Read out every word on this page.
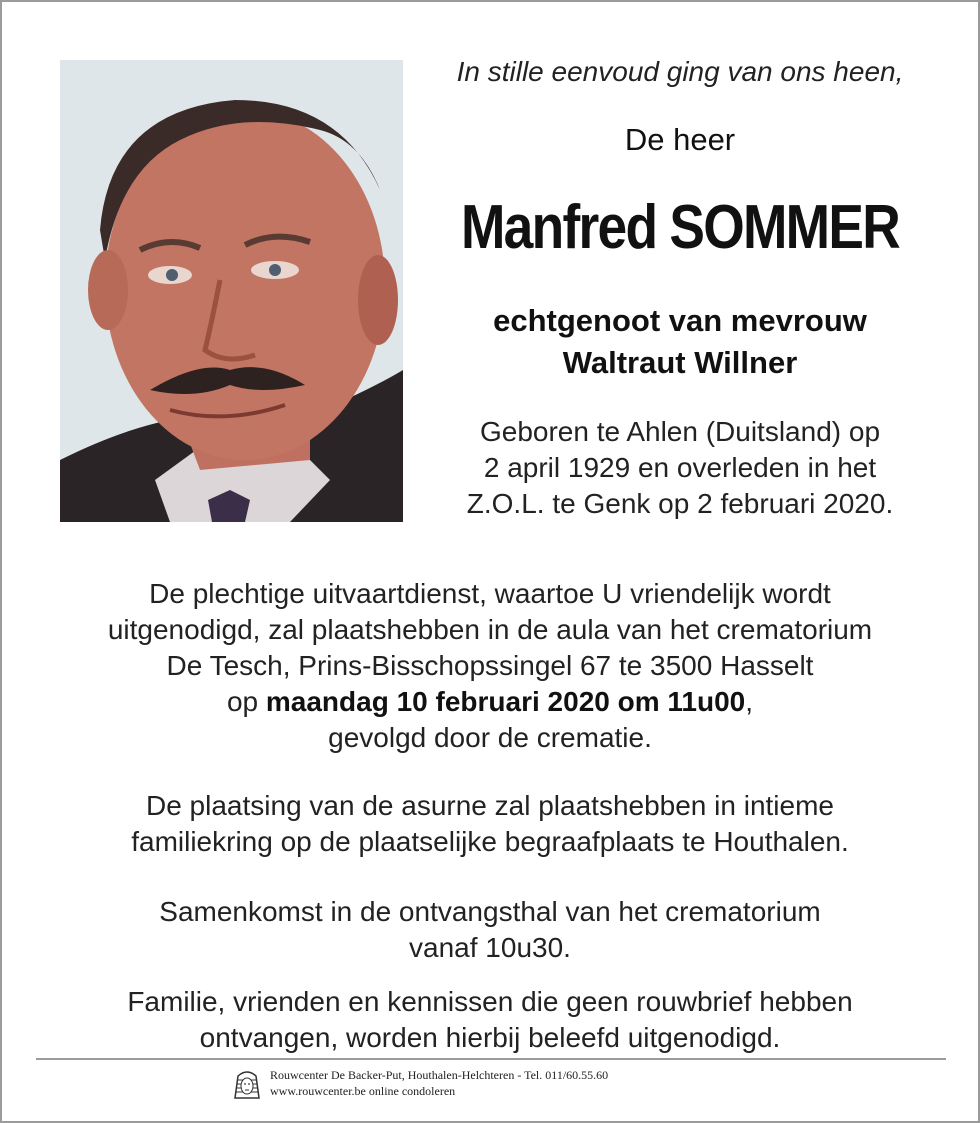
In stille eenvoud ging van ons heen,

De heer
Manfred SOMMER
echtgenoot van mevrouw
Waltraut Willner
Geboren te Ahlen (Duitsland) op
2 april 1929 en overleden in het
Z.O.L. te Genk op 2 februari 2020.
De plechtige uitvaartdienst, waartoe U vriendelijk wordt
uitgenodigd, zal plaatshebben in de aula van het crematorium
De Tesch, Prins-Bisschopssingel 67 te 3500 Hasselt
op maandag 10 februari 2020 om 11u00,
gevolgd door de crematie.
De plaatsing van de asurne zal plaatshebben in intieme
familiekring op de plaatselijke begraafplaats te Houthalen.
Samenkomst in de ontvangsthal van het crematorium
vanaf 10u30.
Familie, vrienden en kennissen die geen rouwbrief hebben
ontvangen, worden hierbij beleefd uitgenodigd.
Rouwcenter De Backer-Put, Houthalen-Helchteren - Tel. 011/60.55.60
www.rouwcenter.be online condoleren
